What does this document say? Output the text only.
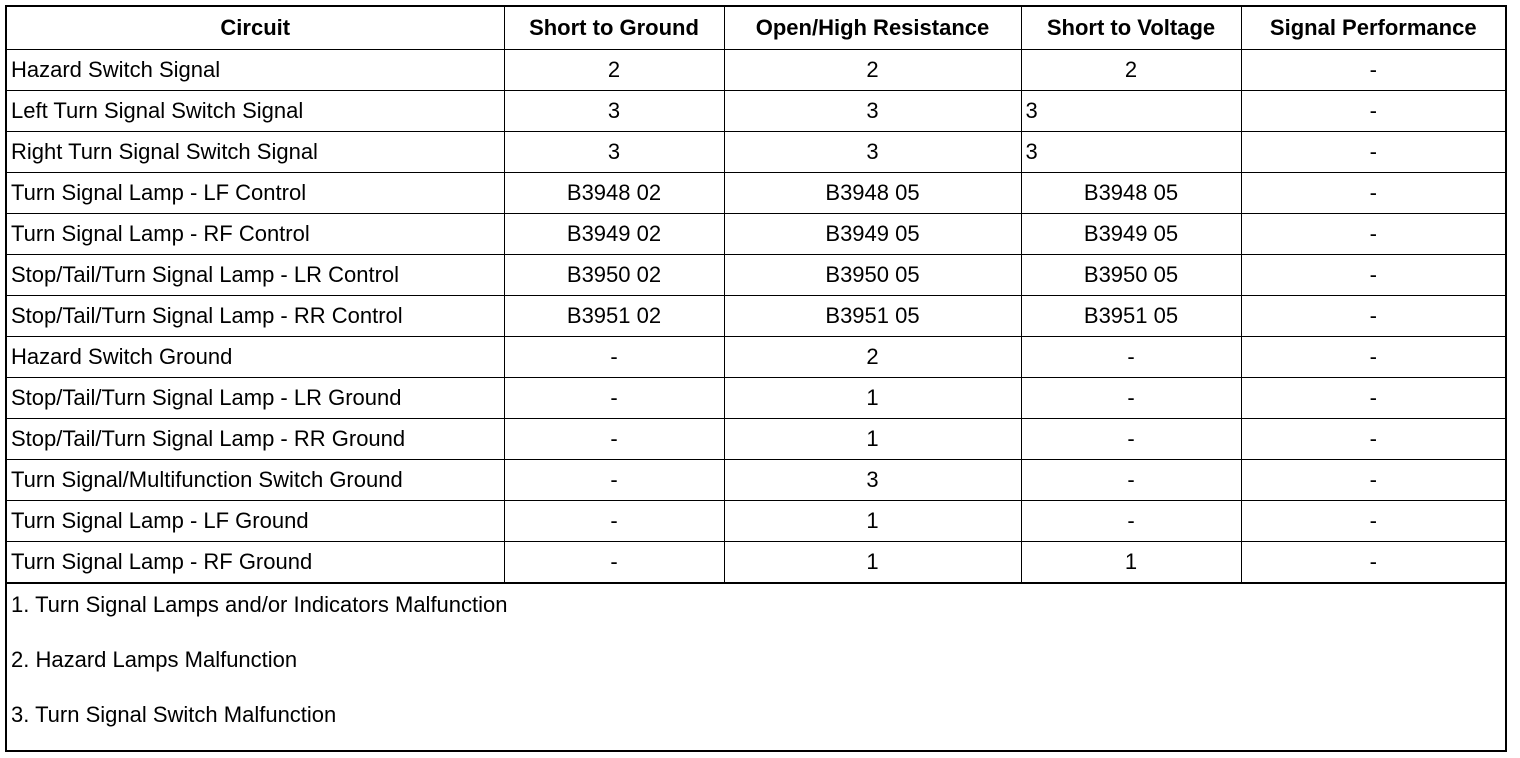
Circuit	Short to Ground	Open/High Resistance	Short to Voltage	Signal Performance
Hazard Switch Signal	2	2	2	-
Left Turn Signal Switch Signal	3	3	3	-
Right Turn Signal Switch Signal	3	3	3	-
Turn Signal Lamp - LF Control	B3948 02	B3948 05	B3948 05	-
Turn Signal Lamp - RF Control	B3949 02	B3949 05	B3949 05	-
Stop/Tail/Turn Signal Lamp - LR Control	B3950 02	B3950 05	B3950 05	-
Stop/Tail/Turn Signal Lamp - RR Control	B3951 02	B3951 05	B3951 05	-
Hazard Switch Ground	-	2	-	-
Stop/Tail/Turn Signal Lamp - LR Ground	-	1	-	-
Stop/Tail/Turn Signal Lamp - RR Ground	-	1	-	-
Turn Signal/Multifunction Switch Ground	-	3	-	-
Turn Signal Lamp - LF Ground	-	1	-	-
Turn Signal Lamp - RF Ground	-	1	1	-
1. Turn Signal Lamps and/or Indicators Malfunction
2. Hazard Lamps Malfunction
3. Turn Signal Switch Malfunction
